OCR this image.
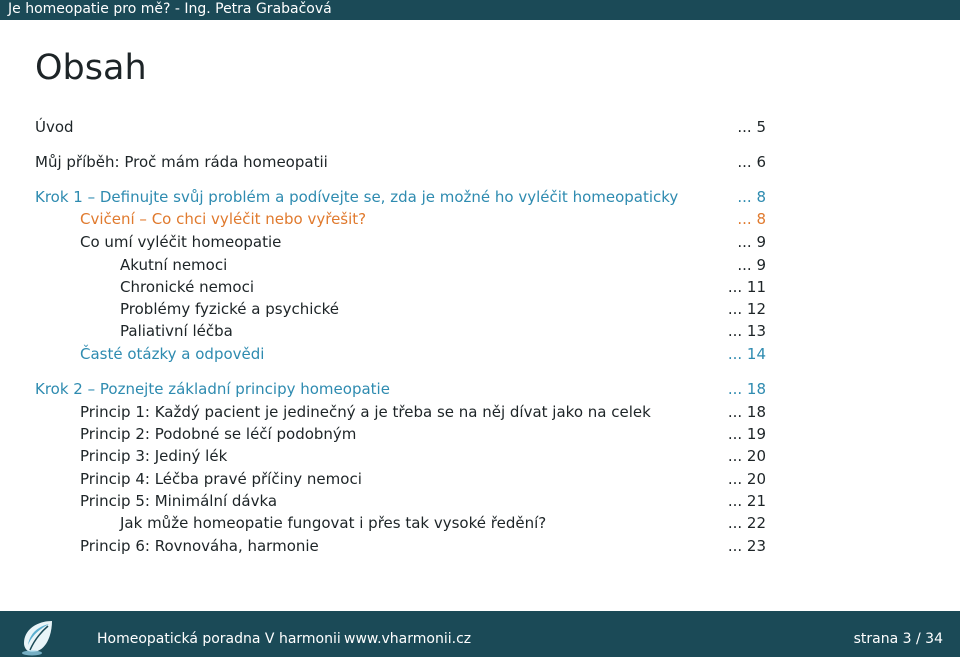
Je homeopatie pro mě? - Ing. Petra Grabačová
Obsah
Úvod	... 5
Můj příběh: Proč mám ráda homeopatii	... 6
Krok 1 – Definujte svůj problém a podívejte se, zda je možné ho vyléčit homeopaticky	... 8
Cvičení – Co chci vyléčit nebo vyřešit?	... 8
Co umí vyléčit homeopatie	... 9
Akutní nemoci	... 9
Chronické nemoci	... 11
Problémy fyzické a psychické	... 12
Paliativní léčba	... 13
Časté otázky a odpovědi	... 14
Krok 2 – Poznejte základní principy homeopatie	... 18
Princip 1: Každý pacient je jedinečný a je třeba se na něj dívat jako na celek	... 18
Princip 2: Podobné se léčí podobným	... 19
Princip 3: Jediný lék	... 20
Princip 4: Léčba pravé příčiny nemoci	... 20
Princip 5: Minimální dávka	... 21
Jak může homeopatie fungovat i přes tak vysoké ředění?	... 22
Princip 6: Rovnováha, harmonie	... 23
Homeopatická poradna V harmonii www.vharmonii.cz	strana 3 / 34
